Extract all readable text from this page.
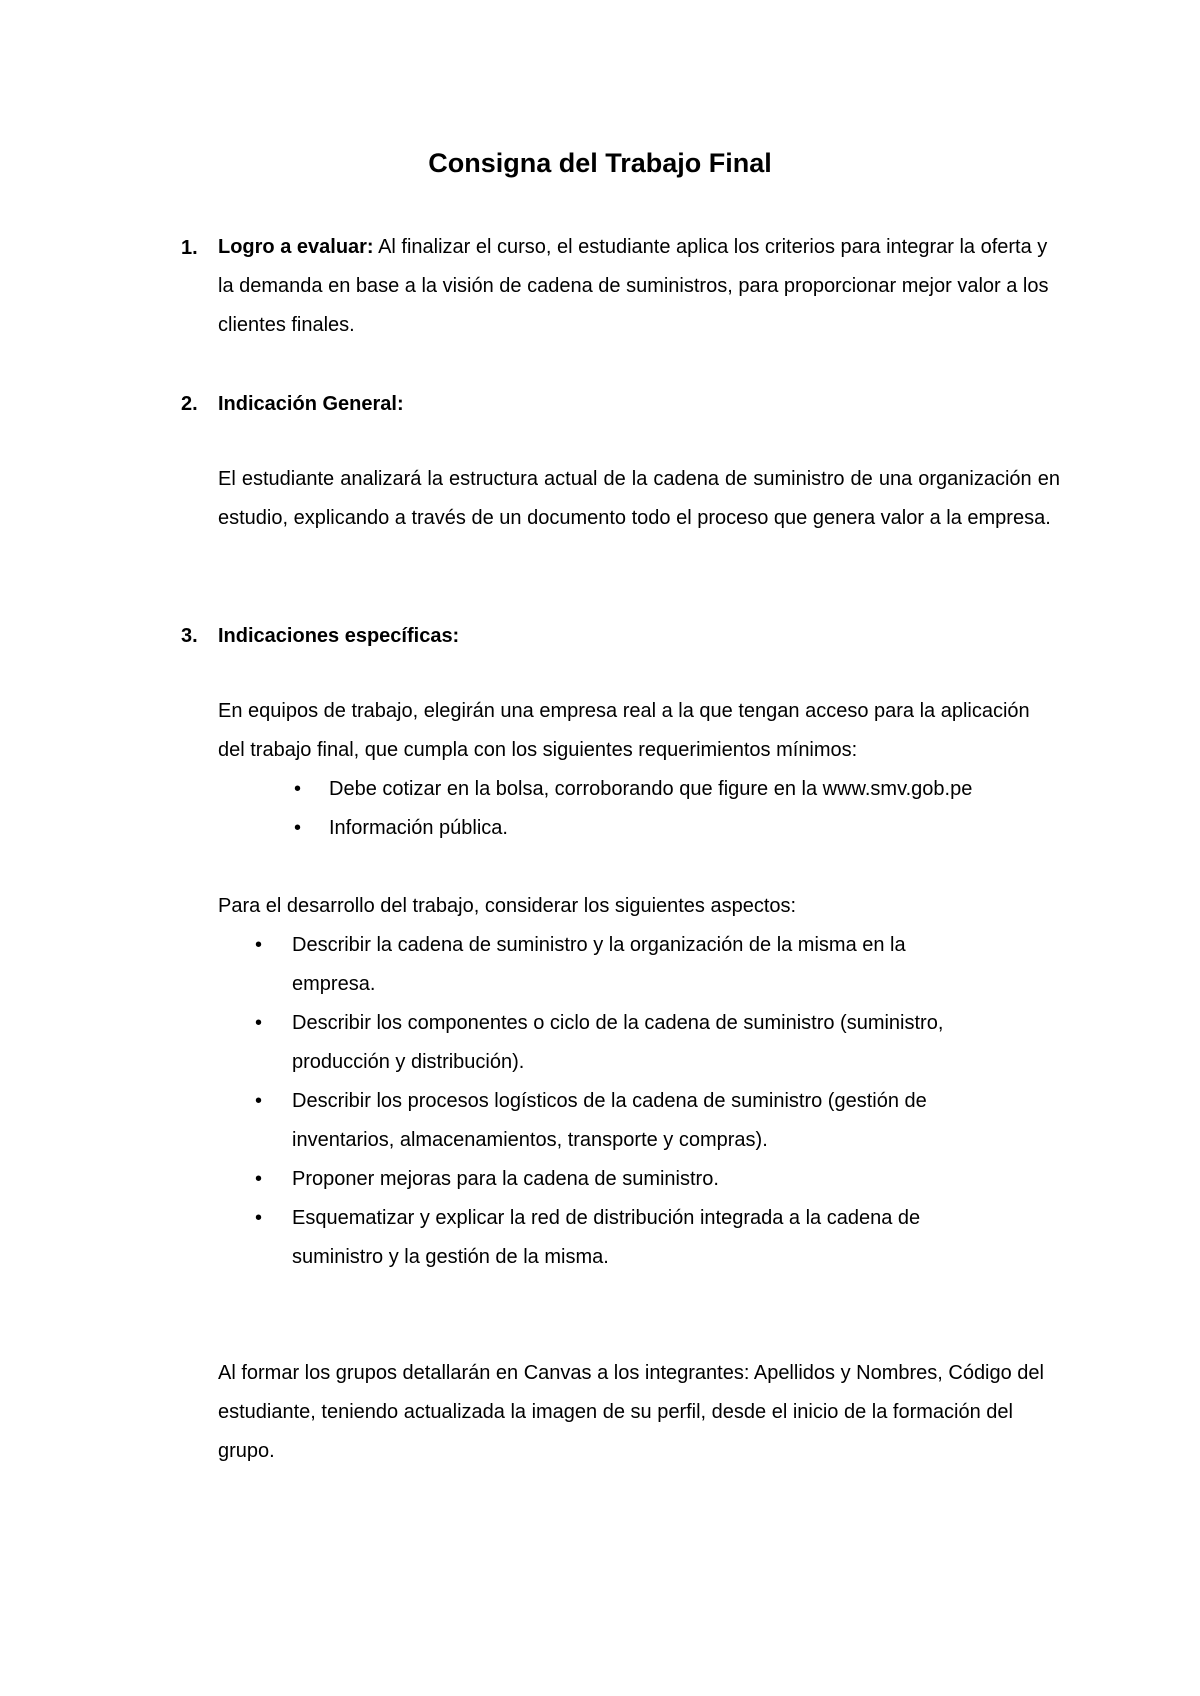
Consigna del Trabajo Final
1. Logro a evaluar: Al finalizar el curso, el estudiante aplica los criterios para integrar la oferta y la demanda en base a la visión de cadena de suministros, para proporcionar mejor valor a los clientes finales.
2. Indicación General:
El estudiante analizará la estructura actual de la cadena de suministro de una organización en estudio, explicando a través de un documento todo el proceso que genera valor a la empresa.
3. Indicaciones específicas:
En equipos de trabajo, elegirán una empresa real a la que tengan acceso para la aplicación del trabajo final, que cumpla con los siguientes requerimientos mínimos:
• Debe cotizar en la bolsa, corroborando que figure en la www.smv.gob.pe
• Información pública.
Para el desarrollo del trabajo, considerar los siguientes aspectos:
• Describir la cadena de suministro y la organización de la misma en la empresa.
• Describir los componentes o ciclo de la cadena de suministro (suministro, producción y distribución).
• Describir los procesos logísticos de la cadena de suministro (gestión de inventarios, almacenamientos, transporte y compras).
• Proponer mejoras para la cadena de suministro.
• Esquematizar y explicar la red de distribución integrada a la cadena de suministro y la gestión de la misma.
Al formar los grupos detallarán en Canvas a los integrantes: Apellidos y Nombres, Código del estudiante, teniendo actualizada la imagen de su perfil, desde el inicio de la formación del grupo.
